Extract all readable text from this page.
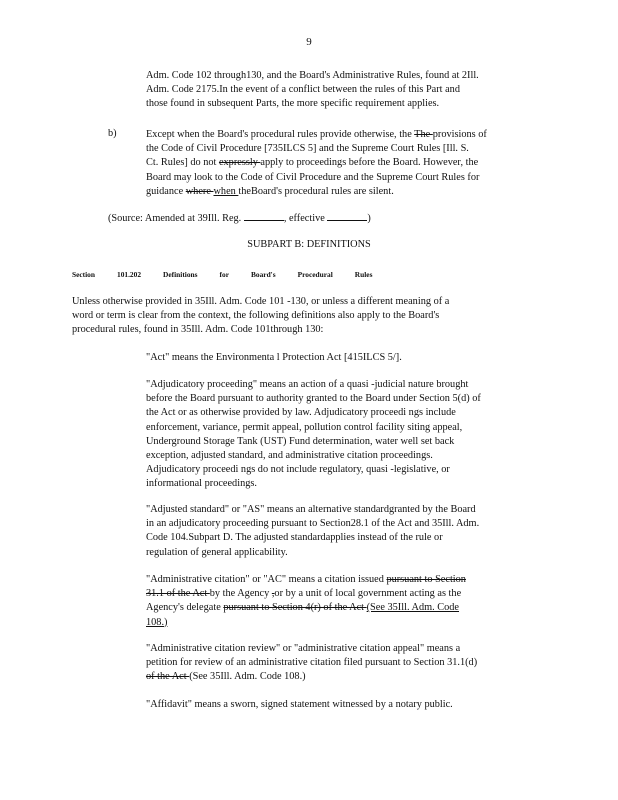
9

Adm. Code 102 through130, and the Board's Administrative Rules, found at 2Ill.

Adm. Code 2175.In the event of a conflict between the rules of this Part and

those found in subsequent Parts, the more specific requirement applies.

b)	Except when the Board's procedural rules provide otherwise, the The provisions of

the Code of Civil Procedure [735ILCS 5] and the Supreme Court Rules [Ill. S.

Ct. Rules] do not expressly apply to proceedings before the Board. However, the

Board may look to the Code of Civil Procedure and the Supreme Court Rules for

guidance where when theBoard's procedural rules are silent.

(Source: Amended at 39Ill. Reg.	, effective	)
SUBPART B: DEFINITIONS
Section	101.202	Definitions	for	Board's	Procedural	Rules

Unless otherwise provided in 35Ill. Adm. Code 101 -130, or unless a different meaning of a

word or term is clear from the context, the following definitions also apply to the Board's

procedural rules, found in 35Ill. Adm. Code 101through 130:

"Act" means the Environmenta l Protection Act [415ILCS 5/].

"Adjudicatory proceeding" means an action of a quasi -judicial nature brought

before the Board pursuant to authority granted to the Board under Section 5(d) of

the Act or as otherwise provided by law. Adjudicatory proceedi ngs include

enforcement, variance, permit appeal, pollution control facility siting appeal,

Underground Storage Tank (UST) Fund determination, water well set back

exception, adjusted standard, and administrative citation proceedings.

Adjudicatory proceedi ngs do not include regulatory, quasi -legislative, or

informational proceedings.

"Adjusted standard" or "AS" means an alternative standardgranted by the Board

in an adjudicatory proceeding pursuant to Section28.1 of the Act and 35Ill. Adm.

Code 104.Subpart D. The adjusted standardapplies instead of the rule or

regulation of general applicability.

"Administrative citation" or "AC" means a citation issued pursuant to Section

31.1 of the Act by the Agency ,or by a unit of local government acting as the

Agency's delegate pursuant to Section 4(r) of the Act (See 35Ill. Adm. Code

108.)

"Administrative citation review" or "administrative citation appeal" means a

petition for review of an administrative citation filed pursuant to Section 31.1(d)

of the Act (See 35Ill. Adm. Code 108.)

"Affidavit" means a sworn, signed statement witnessed by a notary public.
